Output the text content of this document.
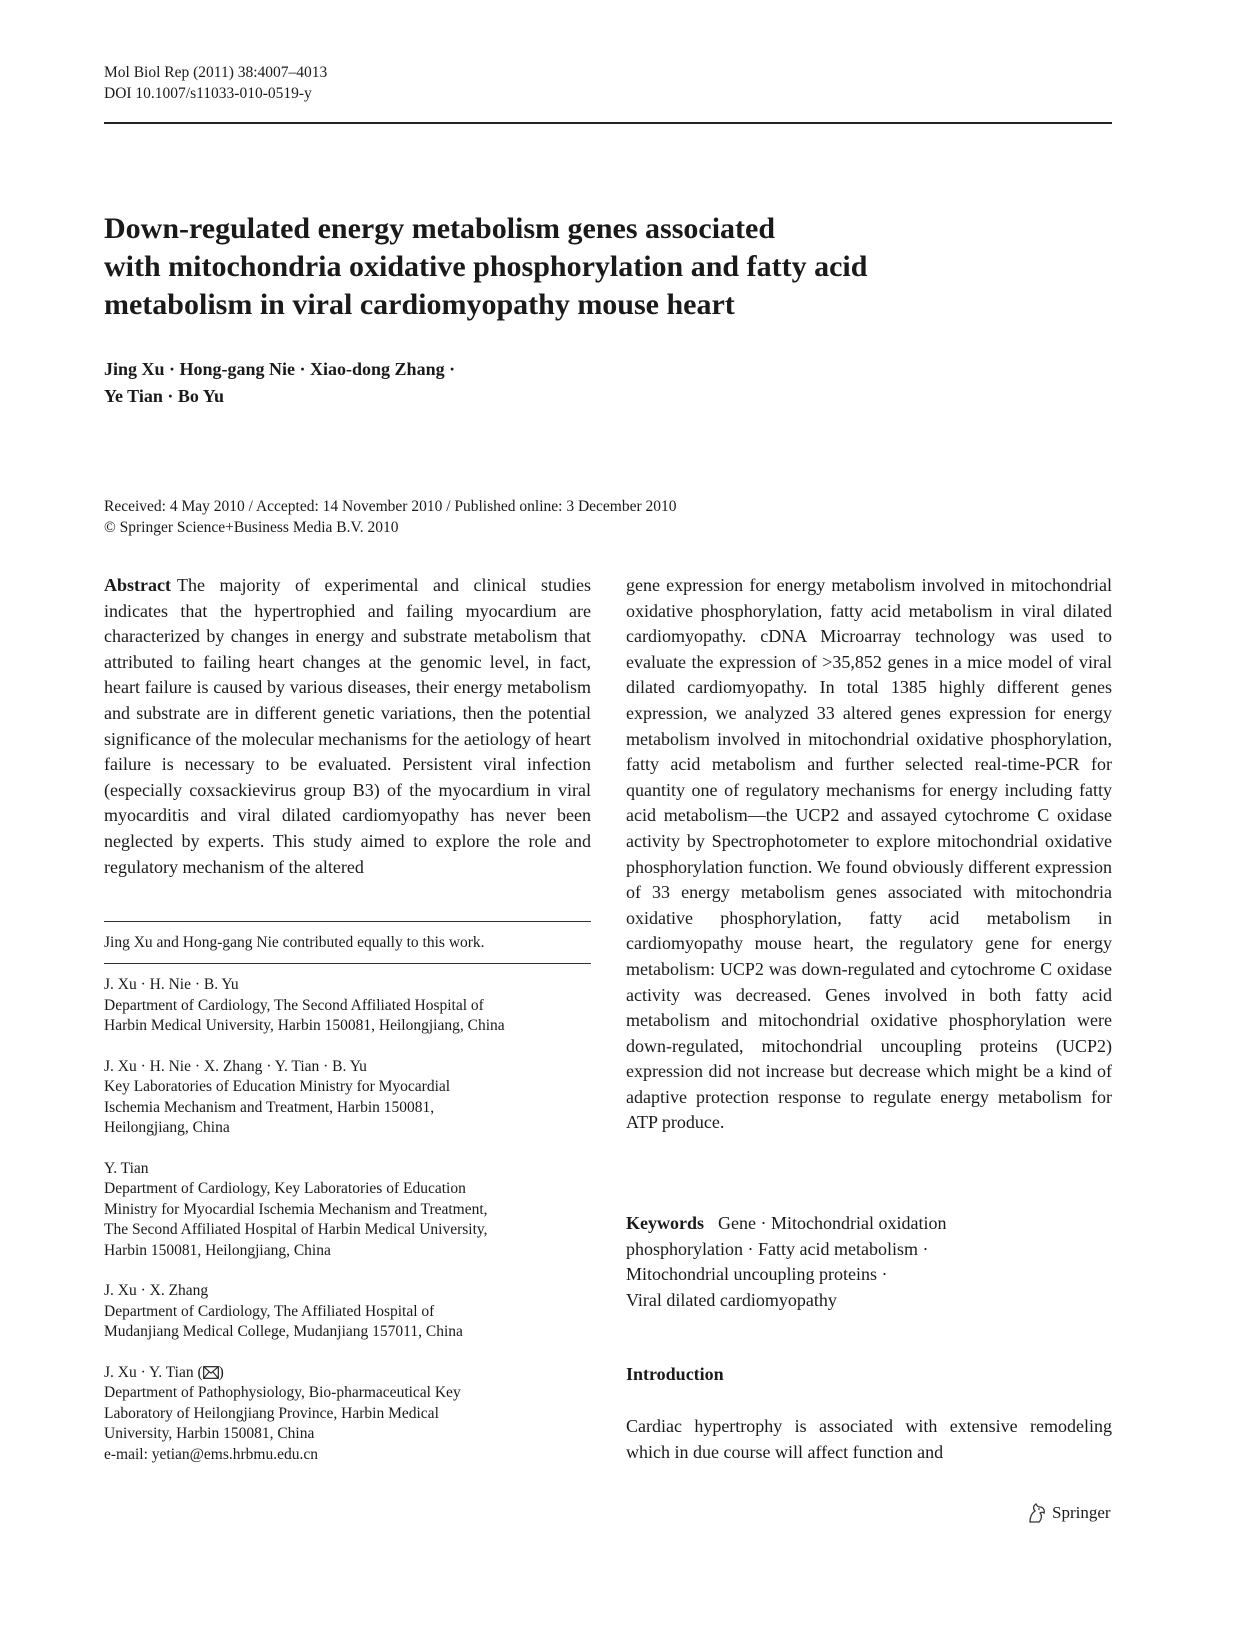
Mol Biol Rep (2011) 38:4007–4013
DOI 10.1007/s11033-010-0519-y
Down-regulated energy metabolism genes associated
with mitochondria oxidative phosphorylation and fatty acid
metabolism in viral cardiomyopathy mouse heart
Jing Xu · Hong-gang Nie · Xiao-dong Zhang ·
Ye Tian · Bo Yu
Received: 4 May 2010 / Accepted: 14 November 2010 / Published online: 3 December 2010
© Springer Science+Business Media B.V. 2010

Abstract The majority of experimental and clinical studies indicates that the hypertrophied and failing myocardium are characterized by changes in energy and substrate metabolism that attributed to failing heart changes at the genomic level, in fact, heart failure is caused by various diseases, their energy metabolism and substrate are in different genetic variations, then the potential significance of the molecular mechanisms for the aetiology of heart failure is necessary to be evaluated. Persistent viral infection (especially coxsackievirus group B3) of the myocardium in viral myocarditis and viral dilated cardiomyopathy has never been neglected by experts. This study aimed to explore the role and regulatory mechanism of the altered

Jing Xu and Hong-gang Nie contributed equally to this work.
J. Xu · H. Nie · B. Yu
Department of Cardiology, The Second Affiliated Hospital of
Harbin Medical University, Harbin 150081, Heilongjiang, China
J. Xu · H. Nie · X. Zhang · Y. Tian · B. Yu
Key Laboratories of Education Ministry for Myocardial
Ischemia Mechanism and Treatment, Harbin 150081,
Heilongjiang, China
Y. Tian
Department of Cardiology, Key Laboratories of Education
Ministry for Myocardial Ischemia Mechanism and Treatment,
The Second Affiliated Hospital of Harbin Medical University,
Harbin 150081, Heilongjiang, China
J. Xu · X. Zhang
Department of Cardiology, The Affiliated Hospital of
Mudanjiang Medical College, Mudanjiang 157011, China
J. Xu · Y. Tian ( )
Department of Pathophysiology, Bio-pharmaceutical Key
Laboratory of Heilongjiang Province, Harbin Medical
University, Harbin 150081, China
e-mail: yetian@ems.hrbmu.edu.cn

gene expression for energy metabolism involved in mitochondrial oxidative phosphorylation, fatty acid metabolism in viral dilated cardiomyopathy. cDNA Microarray technology was used to evaluate the expression of >35,852 genes in a mice model of viral dilated cardiomyopathy. In total 1385 highly different genes expression, we analyzed 33 altered genes expression for energy metabolism involved in mitochondrial oxidative phosphorylation, fatty acid metabolism and further selected real-time-PCR for quantity one of regulatory mechanisms for energy including fatty acid metabolism—the UCP2 and assayed cytochrome C oxidase activity by Spectrophotometer to explore mitochondrial oxidative phosphorylation function. We found obviously different expression of 33 energy metabolism genes associated with mitochondria oxidative phosphorylation, fatty acid metabolism in cardiomyopathy mouse heart, the regulatory gene for energy metabolism: UCP2 was down-regulated and cytochrome C oxidase activity was decreased. Genes involved in both fatty acid metabolism and mitochondrial oxidative phosphorylation were down-regulated, mitochondrial uncoupling proteins (UCP2) expression did not increase but decrease which might be a kind of adaptive protection response to regulate energy metabolism for ATP produce.

Keywords Gene · Mitochondrial oxidation
phosphorylation · Fatty acid metabolism ·
Mitochondrial uncoupling proteins ·
Viral dilated cardiomyopathy
Introduction
Cardiac hypertrophy is associated with extensive remodeling which in due course will affect function and
Springer
